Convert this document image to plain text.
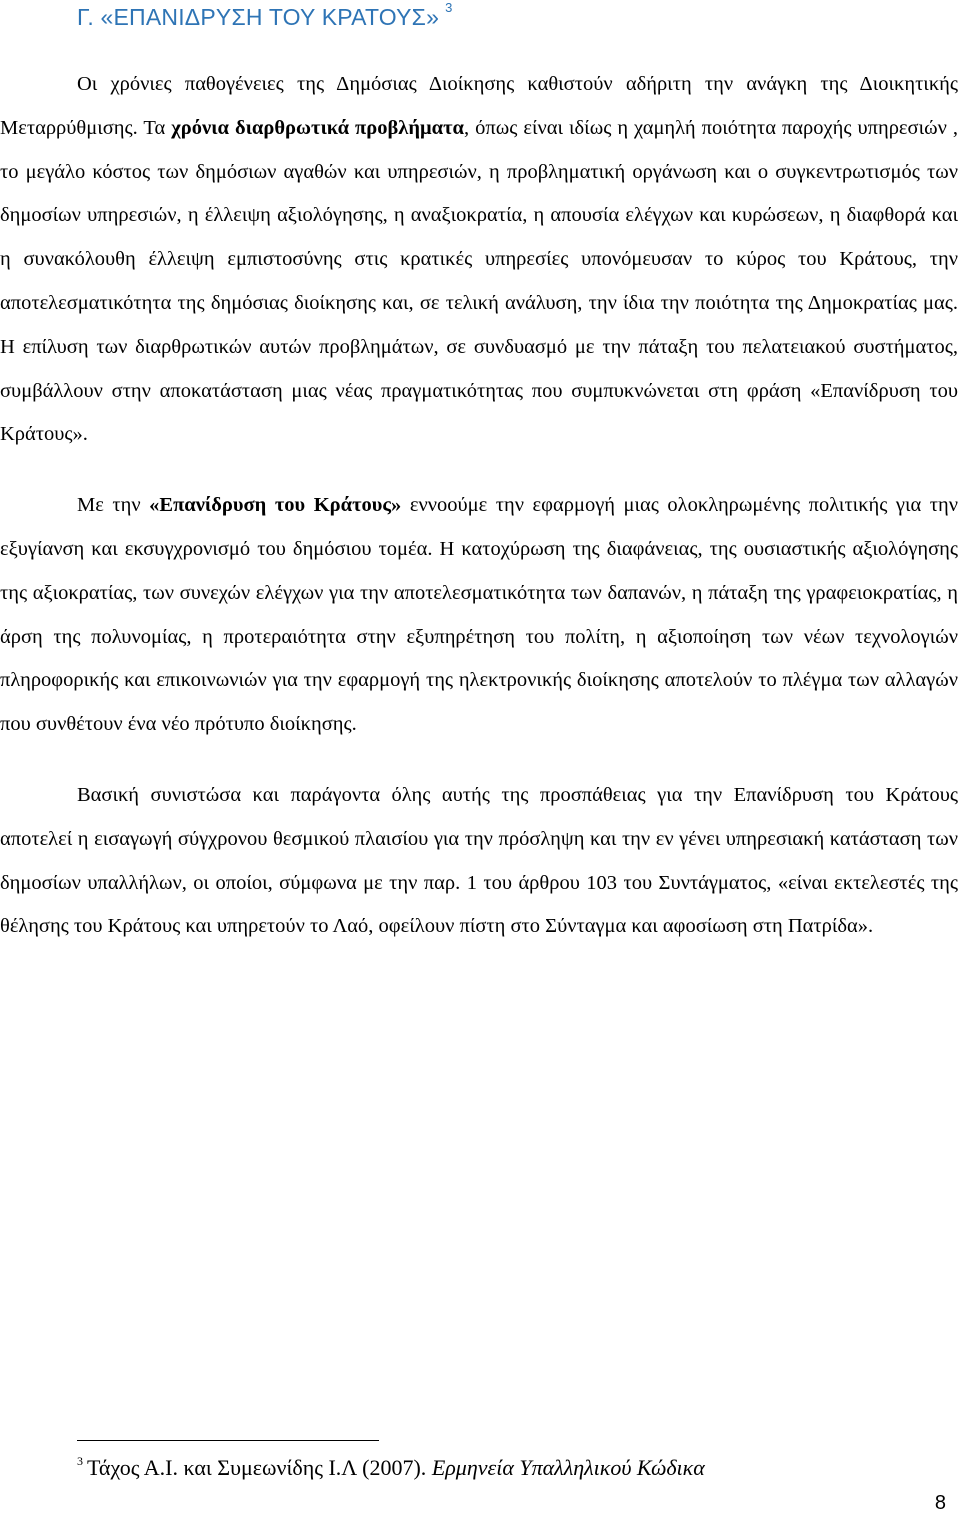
Γ. «ΕΠΑΝΙΔΡΥΣΗ ΤΟΥ ΚΡΑΤΟΥΣ» $^3$

Οι χρόνιες παθογένειες της Δημόσιας Διοίκησης καθιστούν αδήριτη την ανάγκη της Διοικητικής Μεταρρύθμισης. Τα χρόνια διαρθρωτικά προβλήματα, όπως είναι ιδίως η χαμηλή ποιότητα παροχής υπηρεσιών , το μεγάλο κόστος των δημόσιων αγαθών και υπηρεσιών, η προβληματική οργάνωση και ο συγκεντρωτισμός των δημοσίων υπηρεσιών, η έλλειψη αξιολόγησης, η αναξιοκρατία, η απουσία ελέγχων και κυρώσεων, η διαφθορά και η συνακόλουθη έλλειψη εμπιστοσύνης στις κρατικές υπηρεσίες υπονόμευσαν το κύρος του Κράτους, την αποτελεσματικότητα της δημόσιας διοίκησης και, σε τελική ανάλυση, την ίδια την ποιότητα της Δημοκρατίας μας. Η επίλυση των διαρθρωτικών αυτών προβλημάτων, σε συνδυασμό με την πάταξη του πελατειακού συστήματος, συμβάλλουν στην αποκατάσταση μιας νέας πραγματικότητας που συμπυκνώνεται στη φράση «Επανίδρυση του Κράτους».

Με την «Επανίδρυση του Κράτους» εννοούμε την εφαρμογή μιας ολοκληρωμένης πολιτικής για την εξυγίανση και εκσυγχρονισμό του δημόσιου τομέα. Η κατοχύρωση της διαφάνειας, της ουσιαστικής αξιολόγησης της αξιοκρατίας, των συνεχών ελέγχων για την αποτελεσματικότητα των δαπανών, η πάταξη της γραφειοκρατίας, η άρση της πολυνομίας, η προτεραιότητα στην εξυπηρέτηση του πολίτη, η αξιοποίηση των νέων τεχνολογιών πληροφορικής και επικοινωνιών για την εφαρμογή της ηλεκτρονικής διοίκησης αποτελούν το πλέγμα των αλλαγών που συνθέτουν ένα νέο πρότυπο διοίκησης.

Βασική συνιστώσα και παράγοντα όλης αυτής της προσπάθειας για την Επανίδρυση του Κράτους αποτελεί η εισαγωγή σύγχρονου θεσμικού πλαισίου για την πρόσληψη και την εν γένει υπηρεσιακή κατάσταση των δημοσίων υπαλλήλων, οι οποίοι, σύμφωνα με την παρ. 1 του άρθρου 103 του Συντάγματος, «είναι εκτελεστές της θέλησης του Κράτους και υπηρετούν το Λαό, οφείλουν πίστη στο Σύνταγμα και αφοσίωση στη Πατρίδα».

$^3$ Τάχος Α.Ι. και Συμεωνίδης Ι.Λ (2007). Ερμηνεία Υπαλληλικού Κώδικα

8
